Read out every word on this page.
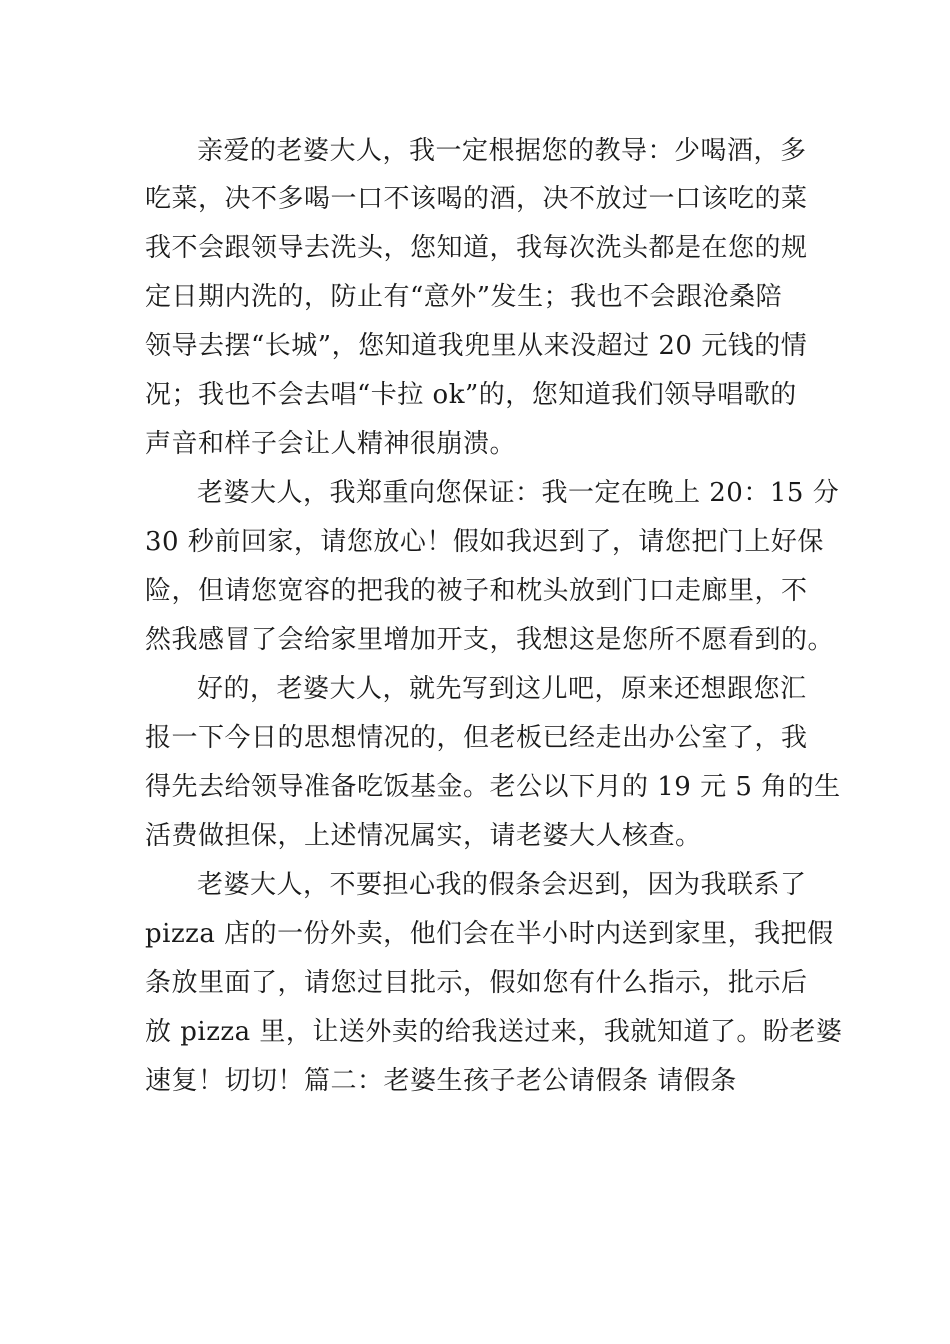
亲爱的老婆大人，我一定根据您的教导：少喝酒，多
吃菜，决不多喝一口不该喝的酒，决不放过一口该吃的菜
我不会跟领导去洗头，您知道，我每次洗头都是在您的规
定日期内洗的，防止有“意外”发生；我也不会跟沧桑陪
领导去摆“长城”，您知道我兜里从来没超过 20 元钱的情
况；我也不会去唱“卡拉 ok”的，您知道我们领导唱歌的
声音和样子会让人精神很崩溃。
老婆大人，我郑重向您保证：我一定在晚上 20：15 分
30 秒前回家，请您放心！假如我迟到了，请您把门上好保
险，但请您宽容的把我的被子和枕头放到门口走廊里，不
然我感冒了会给家里增加开支，我想这是您所不愿看到的。
好的，老婆大人，就先写到这儿吧，原来还想跟您汇
报一下今日的思想情况的，但老板已经走出办公室了，我
得先去给领导准备吃饭基金。老公以下月的 19 元 5 角的生
活费做担保，上述情况属实，请老婆大人核查。
老婆大人，不要担心我的假条会迟到，因为我联系了
pizza 店的一份外卖，他们会在半小时内送到家里，我把假
条放里面了，请您过目批示，假如您有什么指示，批示后
放 pizza 里，让送外卖的给我送过来，我就知道了。盼老婆
速复！切切！篇二：老婆生孩子老公请假条 请假条
